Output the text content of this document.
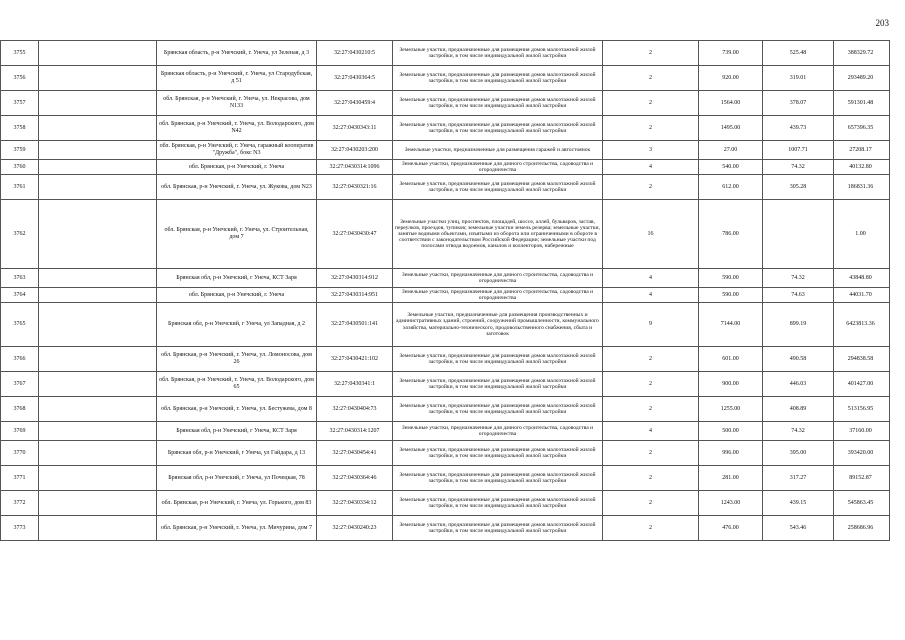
203
3755		Брянская область, р-н Унечский, г. Унеча, ул Зеленая, д 3	32:27:0430210:5	Земельные участки, предназначенные для размещения домов малоэтажной жилой застройки, в том числе индивидуальной жилой застройки	2	739.00	525.48	388329.72
3756		Брянская область, р-н Унечский, г. Унеча, ул Стародубская, д 51	32:27:0430364:5	Земельные участки, предназначенные для размещения домов малоэтажной жилой застройки, в том числе индивидуальной жилой застройки	2	920.00	319.01	293489.20
3757		обл. Брянская, р-н Унечский, г. Унеча, ул. Некрасова, дом N133	32:27:0430459:4	Земельные участки, предназначенные для размещения домов малоэтажной жилой застройки, в том числе индивидуальной жилой застройки	2	1564.00	378.07	591301.48
3758		обл. Брянская, р-н Унечский, г. Унеча, ул. Володарского, дом N42	32:27:0430343:11	Земельные участки, предназначенные для размещения домов малоэтажной жилой застройки, в том числе индивидуальной жилой застройки	2	1495.00	439.73	657396.35
3759		обл. Брянская, р-н Унечский, г. Унеча, гаражный кооператив "Дружба", бокс N3	32:27:0430203:200	Земельные участки, предназначенные для размещения гаражей и автостоянок	3	27.00	1007.71	27208.17
3760		обл. Брянская, р-н Унечский, г. Унеча	32:27:0430314:1096	Земельные участки, предназначенные для дачного строительства, садоводства и огородничества	4	540.00	74.32	40132.80
3761		обл. Брянская, р-н Унечский, г. Унеча, ул. Жукова, дом N23	32:27:0430321:16	Земельные участки, предназначенные для размещения домов малоэтажной жилой застройки, в том числе индивидуальной жилой застройки	2	612.00	305.28	186831.36
3762		обл. Брянская, р-н Унечский, г. Унеча, ул. Строительная, дом 7	32:27:0430430:47	Земельные участки улиц, проспектов, площадей, шоссе, аллей, бульваров, застав, переулков, проездов, тупиков; земельные участки земель резерва; земельные участки, занятые водными объектами, изъятыми из оборота или ограниченными в обороте в соответствии с законодательством Российской Федерации; земельные участки под полосами отвода водоемов, каналов и коллекторов, набережные	16	786.00		1.00
3763		Брянская обл, р-н Унечский, г Унеча, КСТ Заря	32:27:0430314:912	Земельные участки, предназначенные для дачного строительства, садоводства и огородничества	4	590.00	74.32	43848.80
3764		обл. Брянская, р-н Унечский, г. Унеча	32:27:0430314:951	Земельные участки, предназначенные для дачного строительства, садоводства и огородничества	4	590.00	74.63	44031.70
3765		Брянская обл, р-н Унечский, г Унеча, ул Западная, д 2	32:27:0430501:141	Земельные участки, предназначенные для размещения производственных и административных зданий, строений, сооружений промышленности, коммунального хозяйства, материально-технического, продовольственного снабжения, сбыта и заготовок	9	7144.00	899.19	6423813.36
3766		обл. Брянская, р-н Унечский, г. Унеча, ул. Ломоносова, дом 26	32:27:0430421:102	Земельные участки, предназначенные для размещения домов малоэтажной жилой застройки, в том числе индивидуальной жилой застройки	2	601.00	490.58	294838.58
3767		обл. Брянская, р-н Унечский, г. Унеча, ул. Володарского, дом 65	32:27:0430341:1	Земельные участки, предназначенные для размещения домов малоэтажной жилой застройки, в том числе индивидуальной жилой застройки	2	900.00	446.03	401427.00
3768		обл. Брянская, р-н Унечский, г. Унеча, ул. Бестужева, дом 8	32:27:0430404:73	Земельные участки, предназначенные для размещения домов малоэтажной жилой застройки, в том числе индивидуальной жилой застройки	2	1255.00	408.89	513156.95
3769		Брянская обл, р-н Унечский, г Унеча, КСТ Заря	32:27:0430314:1207	Земельные участки, предназначенные для дачного строительства, садоводства и огородничества	4	500.00	74.32	37160.00
3770		Брянская обл, р-н Унечский, г Унеча, ул Гайдара, д 13	32:27:0430454:41	Земельные участки, предназначенные для размещения домов малоэтажной жилой застройки, в том числе индивидуальной жилой застройки	2	996.00	395.00	393420.00
3771		Брянская обл, р-н Унечский, г Унеча, ул Почецкая, 78	32:27:0430364:46	Земельные участки, предназначенные для размещения домов малоэтажной жилой застройки, в том числе индивидуальной жилой застройки	2	281.00	317.27	89152.87
3772		обл. Брянская, р-н Унечский, г. Унеча, ул. Горького, дом 83	32:27:0430334:12	Земельные участки, предназначенные для размещения домов малоэтажной жилой застройки, в том числе индивидуальной жилой застройки	2	1243.00	439.15	545863.45
3773		обл. Брянская, р-н Унечский, г. Унеча, ул. Мичурина, дом 7	32:27:0430240:23	Земельные участки, предназначенные для размещения домов малоэтажной жилой застройки, в том числе индивидуальной жилой застройки	2	476.00	543.46	258686.96
